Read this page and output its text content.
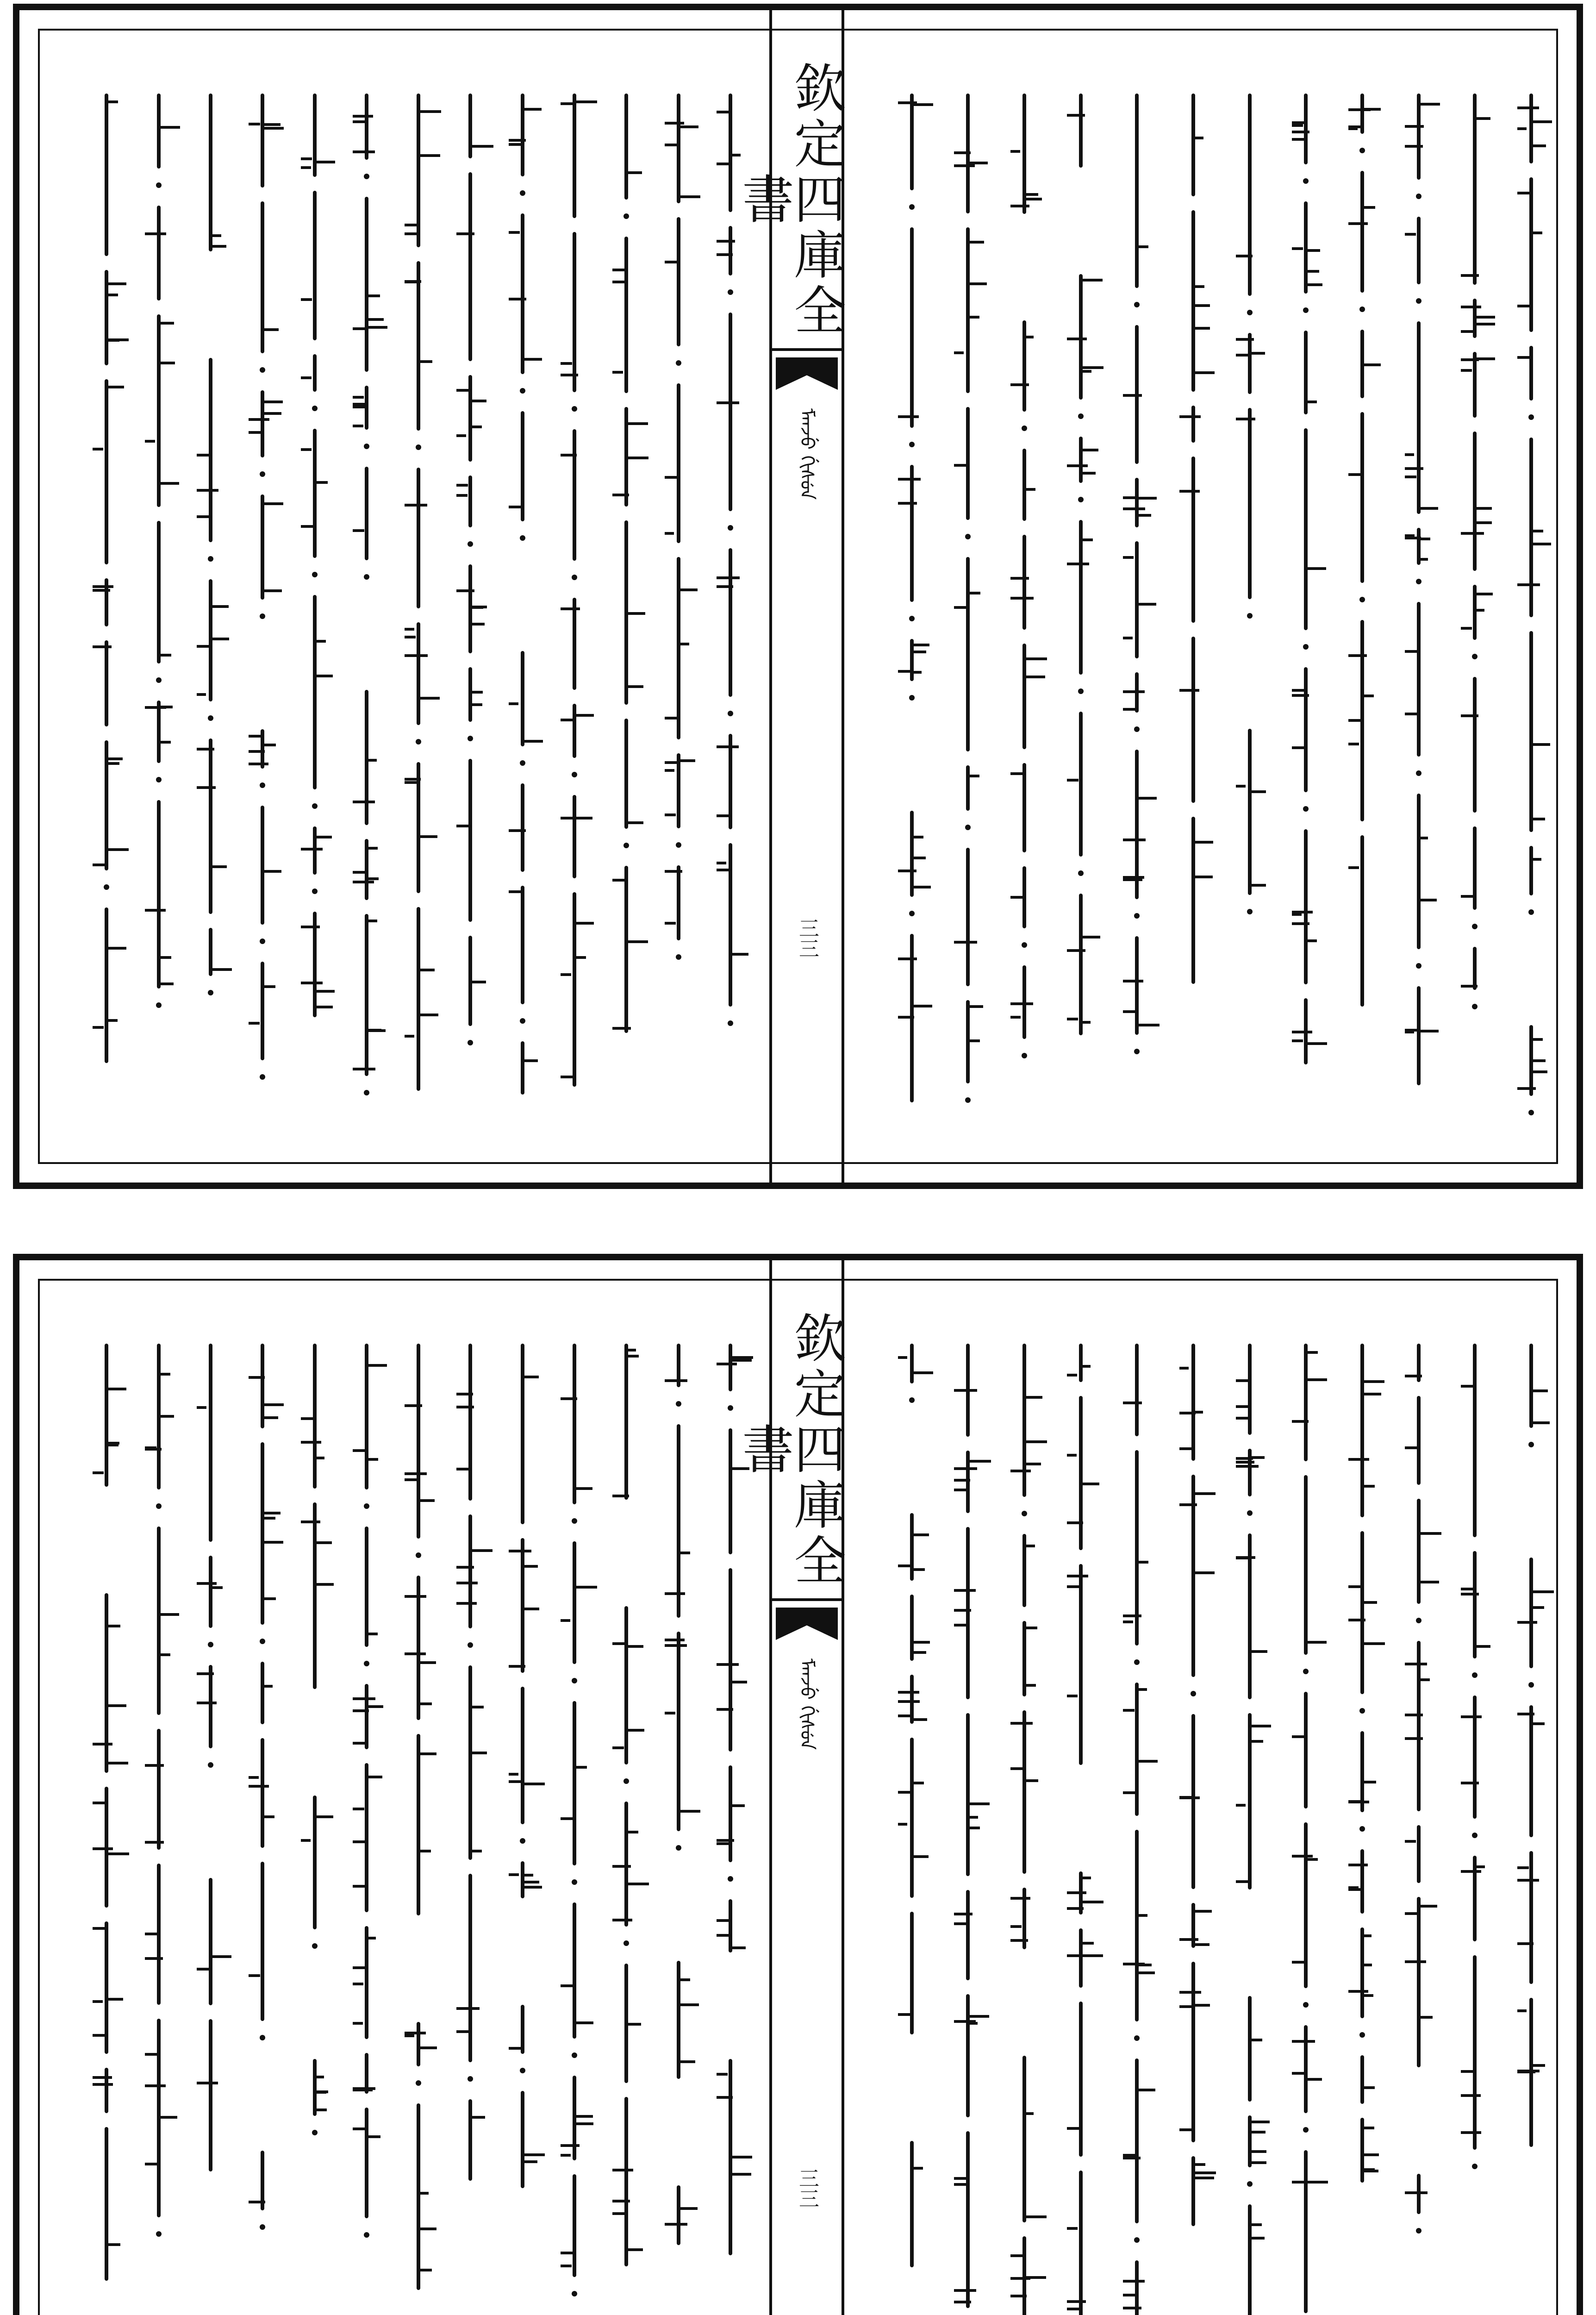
欽定四庫全書
ᠮᠠᠨᠵᡠ ᡤᡳᠰᡠᠨ
三三
欽定四庫全書
ᠮᠠᠨᠵᡠ ᡤᡳᠰᡠᠨ
三三
